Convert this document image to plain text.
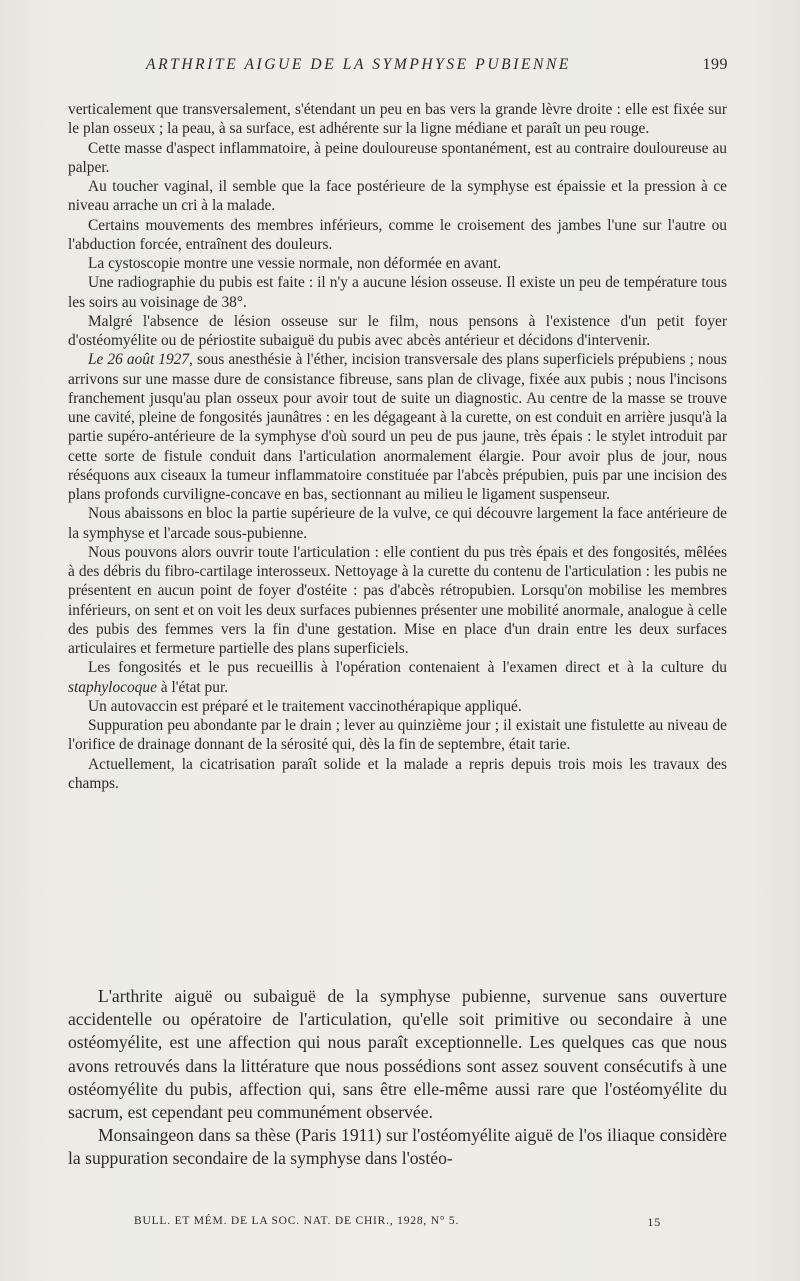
ARTHRITE AIGUE DE LA SYMPHYSE PUBIENNE	199

verticalement que transversalement, s'étendant un peu en bas vers la grande lèvre droite : elle est fixée sur le plan osseux ; la peau, à sa surface, est adhérente sur la ligne médiane et paraît un peu rouge.

Cette masse d'aspect inflammatoire, à peine douloureuse spontanément, est au contraire douloureuse au palper.

Au toucher vaginal, il semble que la face postérieure de la symphyse est épaissie et la pression à ce niveau arrache un cri à la malade.

Certains mouvements des membres inférieurs, comme le croisement des jambes l'une sur l'autre ou l'abduction forcée, entraînent des douleurs.

La cystoscopie montre une vessie normale, non déformée en avant.

Une radiographie du pubis est faite : il n'y a aucune lésion osseuse. Il existe un peu de température tous les soirs au voisinage de 38°.

Malgré l'absence de lésion osseuse sur le film, nous pensons à l'existence d'un petit foyer d'ostéomyélite ou de périostite subaiguë du pubis avec abcès antérieur et décidons d'intervenir.

Le 26 août 1927, sous anesthésie à l'éther, incision transversale des plans superficiels prépubiens ; nous arrivons sur une masse dure de consistance fibreuse, sans plan de clivage, fixée aux pubis ; nous l'incisons franchement jusqu'au plan osseux pour avoir tout de suite un diagnostic. Au centre de la masse se trouve une cavité, pleine de fongosités jaunâtres : en les dégageant à la curette, on est conduit en arrière jusqu'à la partie supéro-antérieure de la symphyse d'où sourd un peu de pus jaune, très épais : le stylet introduit par cette sorte de fistule conduit dans l'articulation anormalement élargie. Pour avoir plus de jour, nous réséquons aux ciseaux la tumeur inflammatoire constituée par l'abcès prépubien, puis par une incision des plans profonds curviligne-concave en bas, sectionnant au milieu le ligament suspenseur.

Nous abaissons en bloc la partie supérieure de la vulve, ce qui découvre largement la face antérieure de la symphyse et l'arcade sous-pubienne.

Nous pouvons alors ouvrir toute l'articulation : elle contient du pus très épais et des fongosités, mêlées à des débris du fibro-cartilage interosseux. Nettoyage à la curette du contenu de l'articulation : les pubis ne présentent en aucun point de foyer d'ostéite : pas d'abcès rétropubien. Lorsqu'on mobilise les membres inférieurs, on sent et on voit les deux surfaces pubiennes présenter une mobilité anormale, analogue à celle des pubis des femmes vers la fin d'une gestation. Mise en place d'un drain entre les deux surfaces articulaires et fermeture partielle des plans superficiels.

Les fongosités et le pus recueillis à l'opération contenaient à l'examen direct et à la culture du staphylocoque à l'état pur.

Un autovaccin est préparé et le traitement vaccinothérapique appliqué.

Suppuration peu abondante par le drain ; lever au quinzième jour ; il existait une fistulette au niveau de l'orifice de drainage donnant de la sérosité qui, dès la fin de septembre, était tarie.

Actuellement, la cicatrisation paraît solide et la malade a repris depuis trois mois les travaux des champs.

L'arthrite aiguë ou subaiguë de la symphyse pubienne, survenue sans ouverture accidentelle ou opératoire de l'articulation, qu'elle soit primitive ou secondaire à une ostéomyélite, est une affection qui nous paraît exceptionnelle. Les quelques cas que nous avons retrouvés dans la littérature que nous possédions sont assez souvent consécutifs à une ostéomyélite du pubis, affection qui, sans être elle-même aussi rare que l'ostéomyélite du sacrum, est cependant peu communément observée.

Monsaingeon dans sa thèse (Paris 1911) sur l'ostéomyélite aiguë de l'os iliaque considère la suppuration secondaire de la symphyse dans l'ostéo-

BULL. ET MÉM. DE LA SOC. NAT. DE CHIR., 1928, N° 5.	15
